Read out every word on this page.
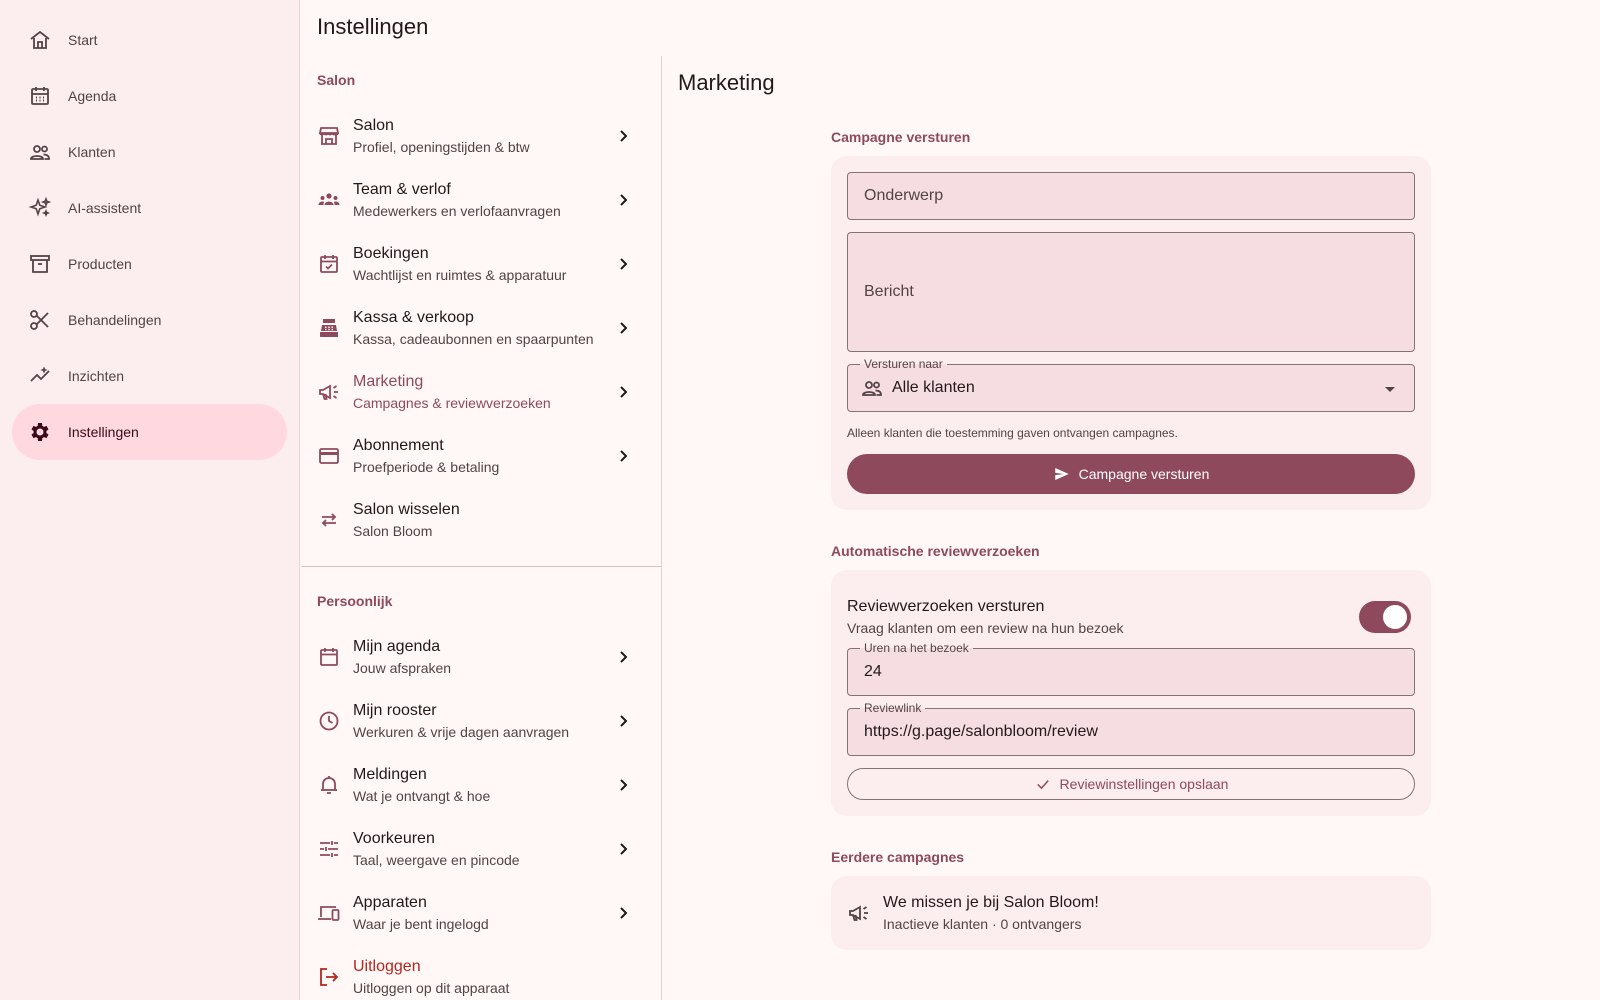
Start
Agenda
Klanten
AI-assistent
Producten
Behandelingen
Inzichten
Instellingen
Instellingen
Salon
Salon
Profiel, openingstijden & btw
Team & verlof
Medewerkers en verlofaanvragen
Boekingen
Wachtlijst en ruimtes & apparatuur
Kassa & verkoop
Kassa, cadeaubonnen en spaarpunten
Marketing
Campagnes & reviewverzoeken
Abonnement
Proefperiode & betaling
Salon wisselen
Salon Bloom
Persoonlijk
Mijn agenda
Jouw afspraken
Mijn rooster
Werkuren & vrije dagen aanvragen
Meldingen
Wat je ontvangt & hoe
Voorkeuren
Taal, weergave en pincode
Apparaten
Waar je bent ingelogd
Uitloggen
Uitloggen op dit apparaat
Marketing
Campagne versturen
Onderwerp
Bericht
Versturen naar
Alle klanten
Alleen klanten die toestemming gaven ontvangen campagnes.
Campagne versturen
Automatische reviewverzoeken
Reviewverzoeken versturen
Vraag klanten om een review na hun bezoek
Uren na het bezoek
24
Reviewlink
https://g.page/salonbloom/review
Reviewinstellingen opslaan
Eerdere campagnes
We missen je bij Salon Bloom!
Inactieve klanten · 0 ontvangers
